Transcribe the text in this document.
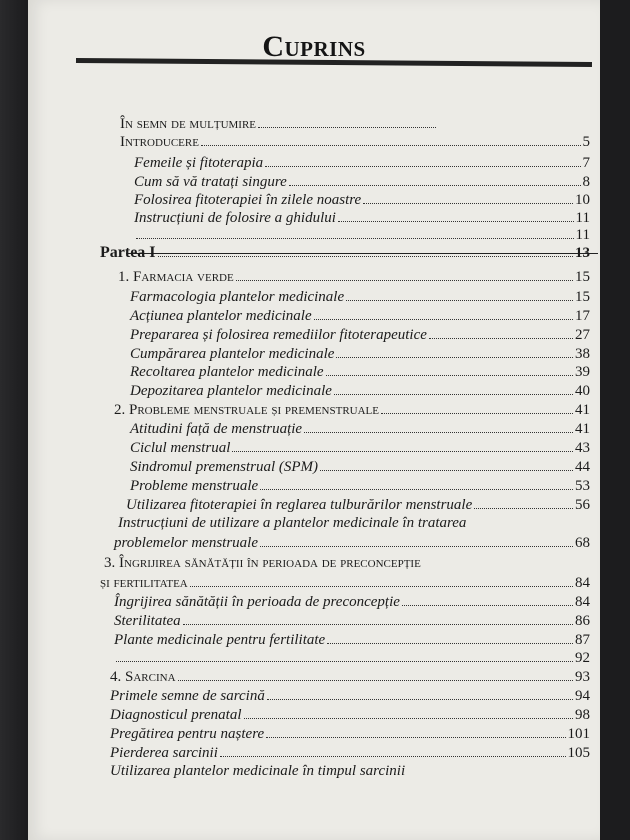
Cuprins
În semn de mulțumire
Introducere	5
Femeile și fitoterapia	7
Cum să vă tratați singure	8
Folosirea fitoterapiei în zilele noastre	10
Instrucțiuni de folosire a ghidului	11
11
Partea I	13
1. Farmacia verde	15
Farmacologia plantelor medicinale	15
Acțiunea plantelor medicinale	17
Prepararea și folosirea remediilor fitoterapeutice	27
Cumpărarea plantelor medicinale	38
Recoltarea plantelor medicinale	39
Depozitarea plantelor medicinale	40
2. Probleme menstruale și premenstruale	41
Atitudini față de menstruație	41
Ciclul menstrual	43
Sindromul premenstrual (SPM)	44
Probleme menstruale	53
Utilizarea fitoterapiei în reglarea tulburărilor menstruale	56
Instrucțiuni de utilizare a plantelor medicinale în tratarea
problemelor menstruale	68
3. Îngrijirea sănătății în perioada de preconcepție
și fertilitatea	84
Îngrijirea sănătății în perioada de preconcepție	84
Sterilitatea	86
Plante medicinale pentru fertilitate	87
92
4. Sarcina	93
Primele semne de sarcină	94
Diagnosticul prenatal	98
Pregătirea pentru naștere	101
Pierderea sarcinii	105
Utilizarea plantelor medicinale în timpul sarcinii
